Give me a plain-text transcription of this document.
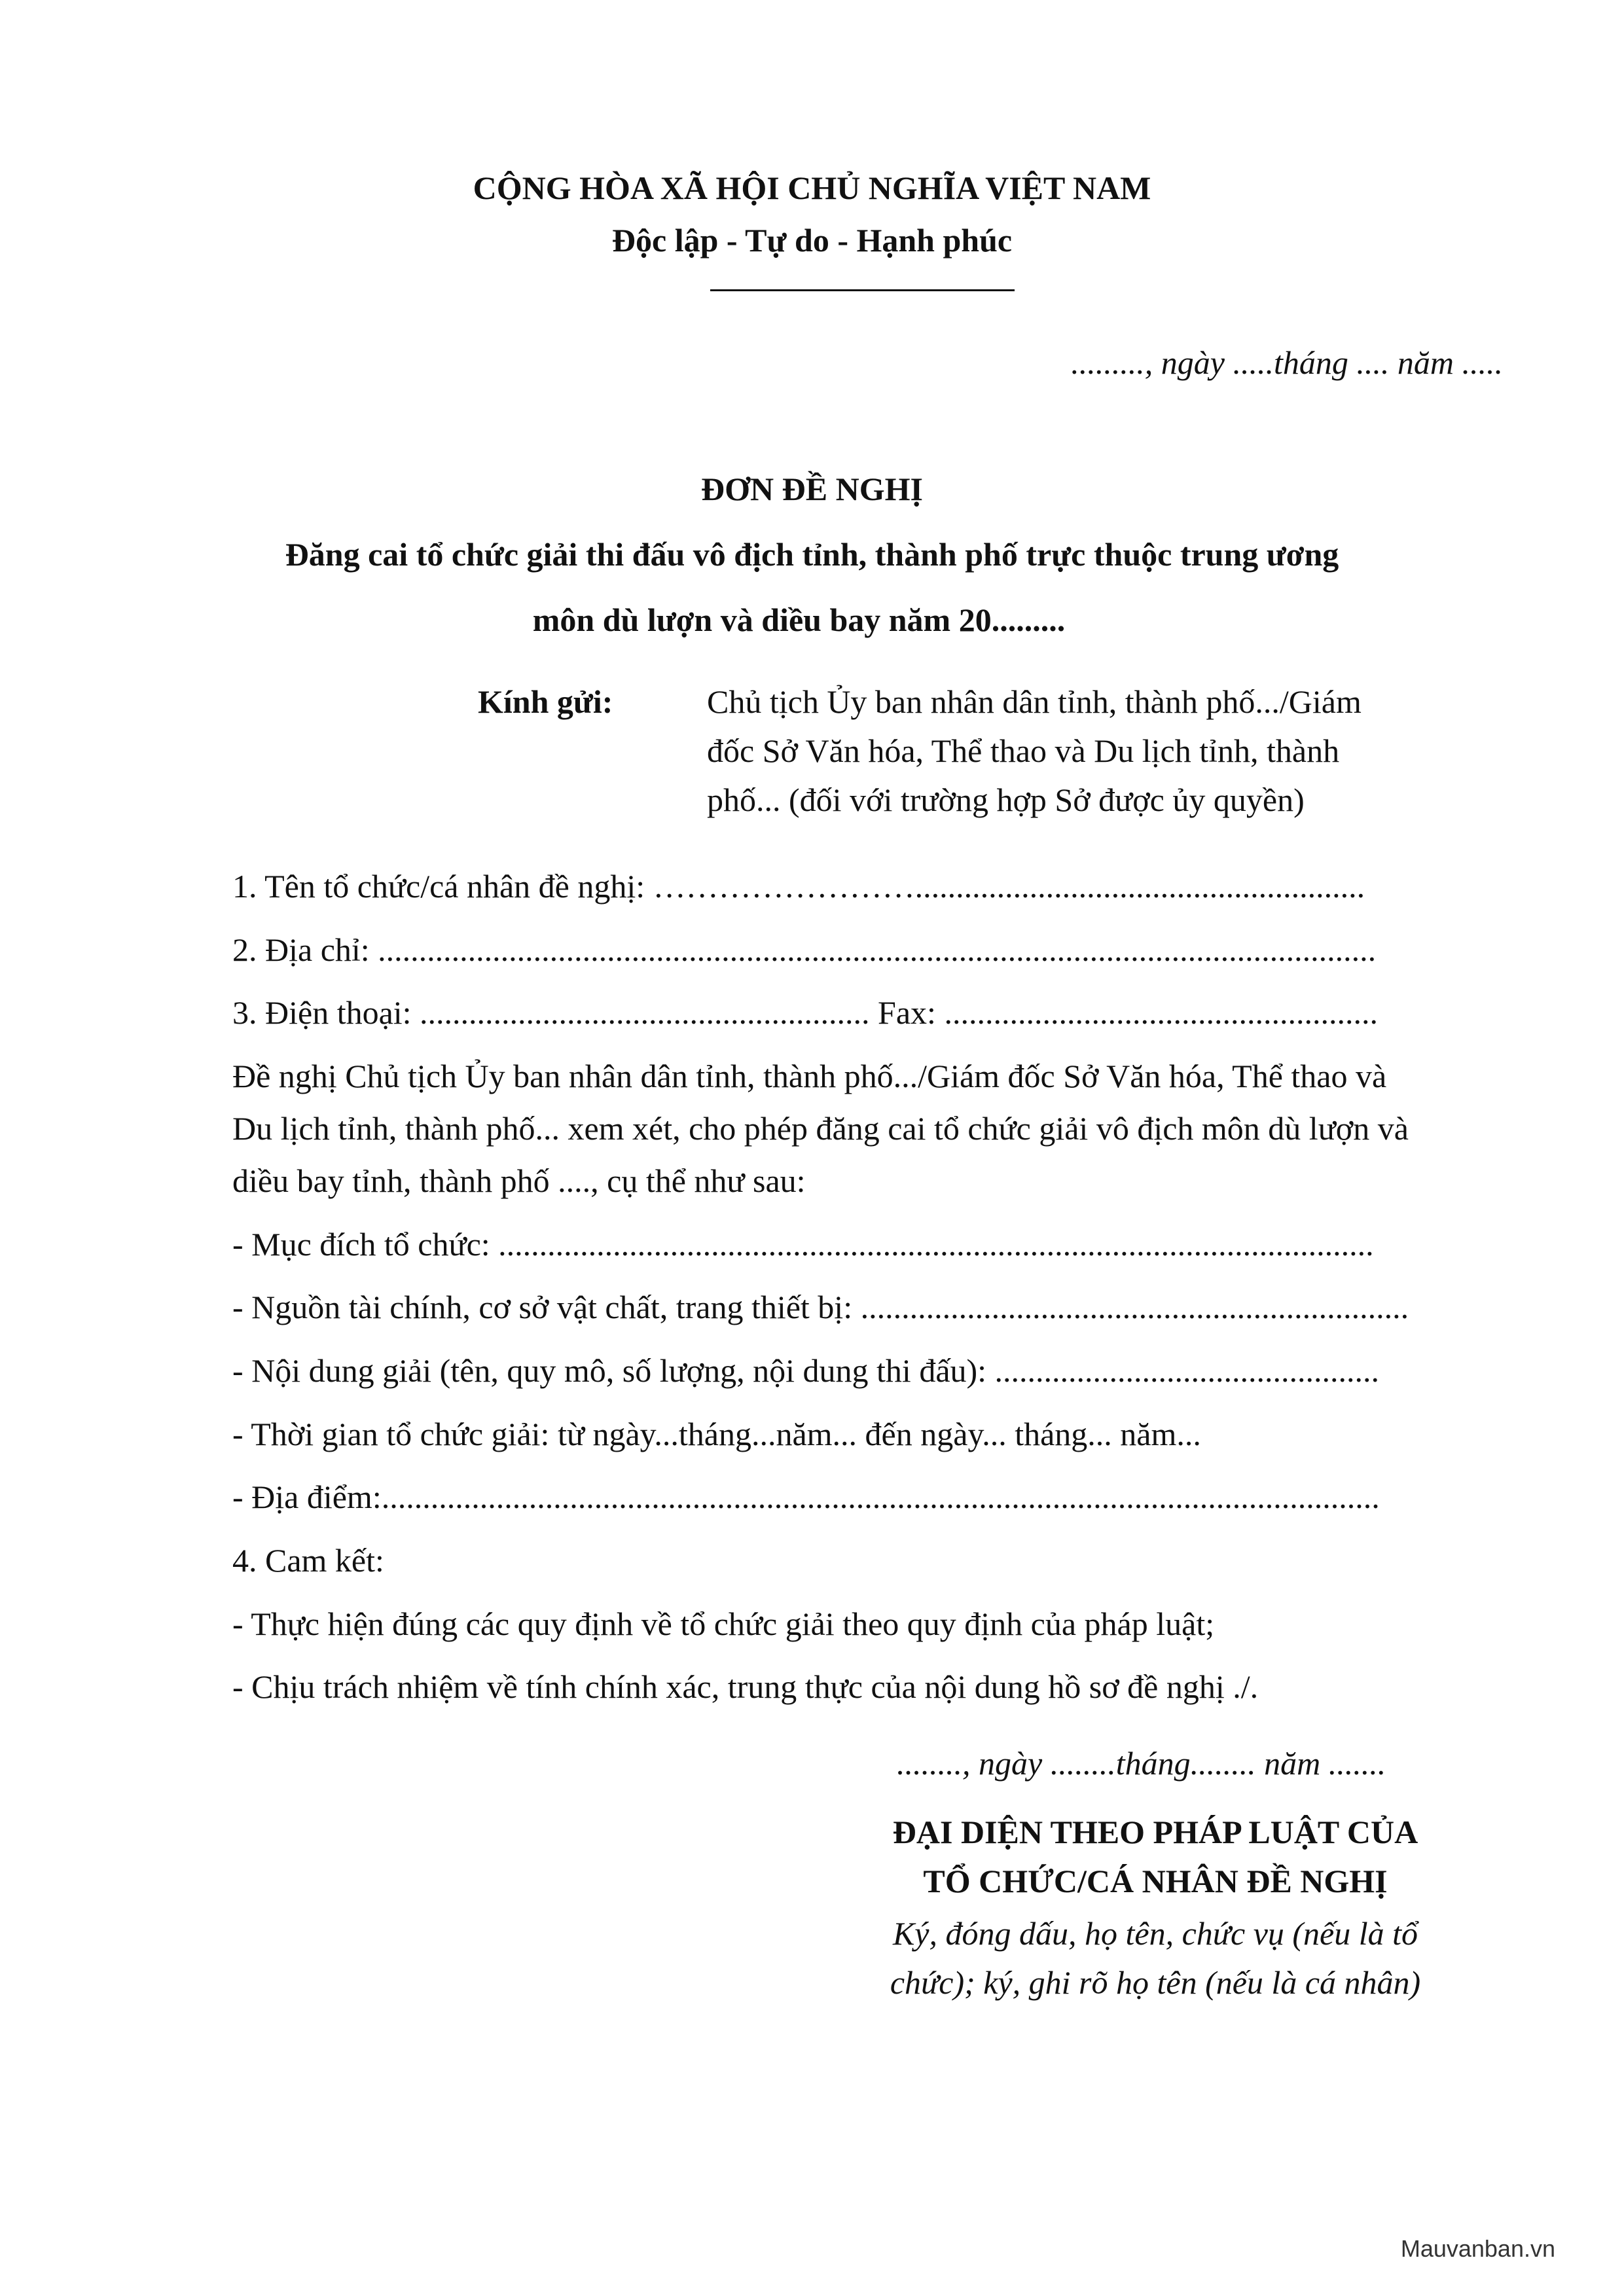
CỘNG HÒA XÃ HỘI CHỦ NGHĨA VIỆT NAM
Độc lập - Tự do - Hạnh phúc
........., ngày .....tháng .... năm .....
ĐƠN ĐỀ NGHỊ
Đăng cai tổ chức giải thi đấu vô địch tỉnh, thành phố trực thuộc trung ương
môn dù lượn và diều bay năm 20.........
Kính gửi:	Chủ tịch Ủy ban nhân dân tỉnh, thành phố.../Giám
đốc Sở Văn hóa, Thể thao và Du lịch tỉnh, thành
phố... (đối với trường hợp Sở được ủy quyền)
1. Tên tổ chức/cá nhân đề nghị: …………………….......................................................
2. Địa chỉ: ..........................................................................................................................
3. Điện thoại: ....................................................... Fax: .....................................................
Đề nghị Chủ tịch Ủy ban nhân dân tỉnh, thành phố.../Giám đốc Sở Văn hóa, Thể thao và
Du lịch tỉnh, thành phố... xem xét, cho phép đăng cai tổ chức giải vô địch môn dù lượn và
diều bay tỉnh, thành phố ...., cụ thể như sau:
- Mục đích tổ chức: ...........................................................................................................
- Nguồn tài chính, cơ sở vật chất, trang thiết bị: ...................................................................
- Nội dung giải (tên, quy mô, số lượng, nội dung thi đấu): ...............................................
- Thời gian tổ chức giải: từ ngày...tháng...năm... đến ngày... tháng... năm...
- Địa điểm:..........................................................................................................................
4. Cam kết:
- Thực hiện đúng các quy định về tổ chức giải theo quy định của pháp luật;
- Chịu trách nhiệm về tính chính xác, trung thực của nội dung hồ sơ đề nghị ./.
........, ngày ........tháng........ năm .......
ĐẠI DIỆN THEO PHÁP LUẬT CỦA
TỔ CHỨC/CÁ NHÂN ĐỀ NGHỊ
Ký, đóng dấu, họ tên, chức vụ (nếu là tổ
chức); ký, ghi rõ họ tên (nếu là cá nhân)
Mauvanban.vn
